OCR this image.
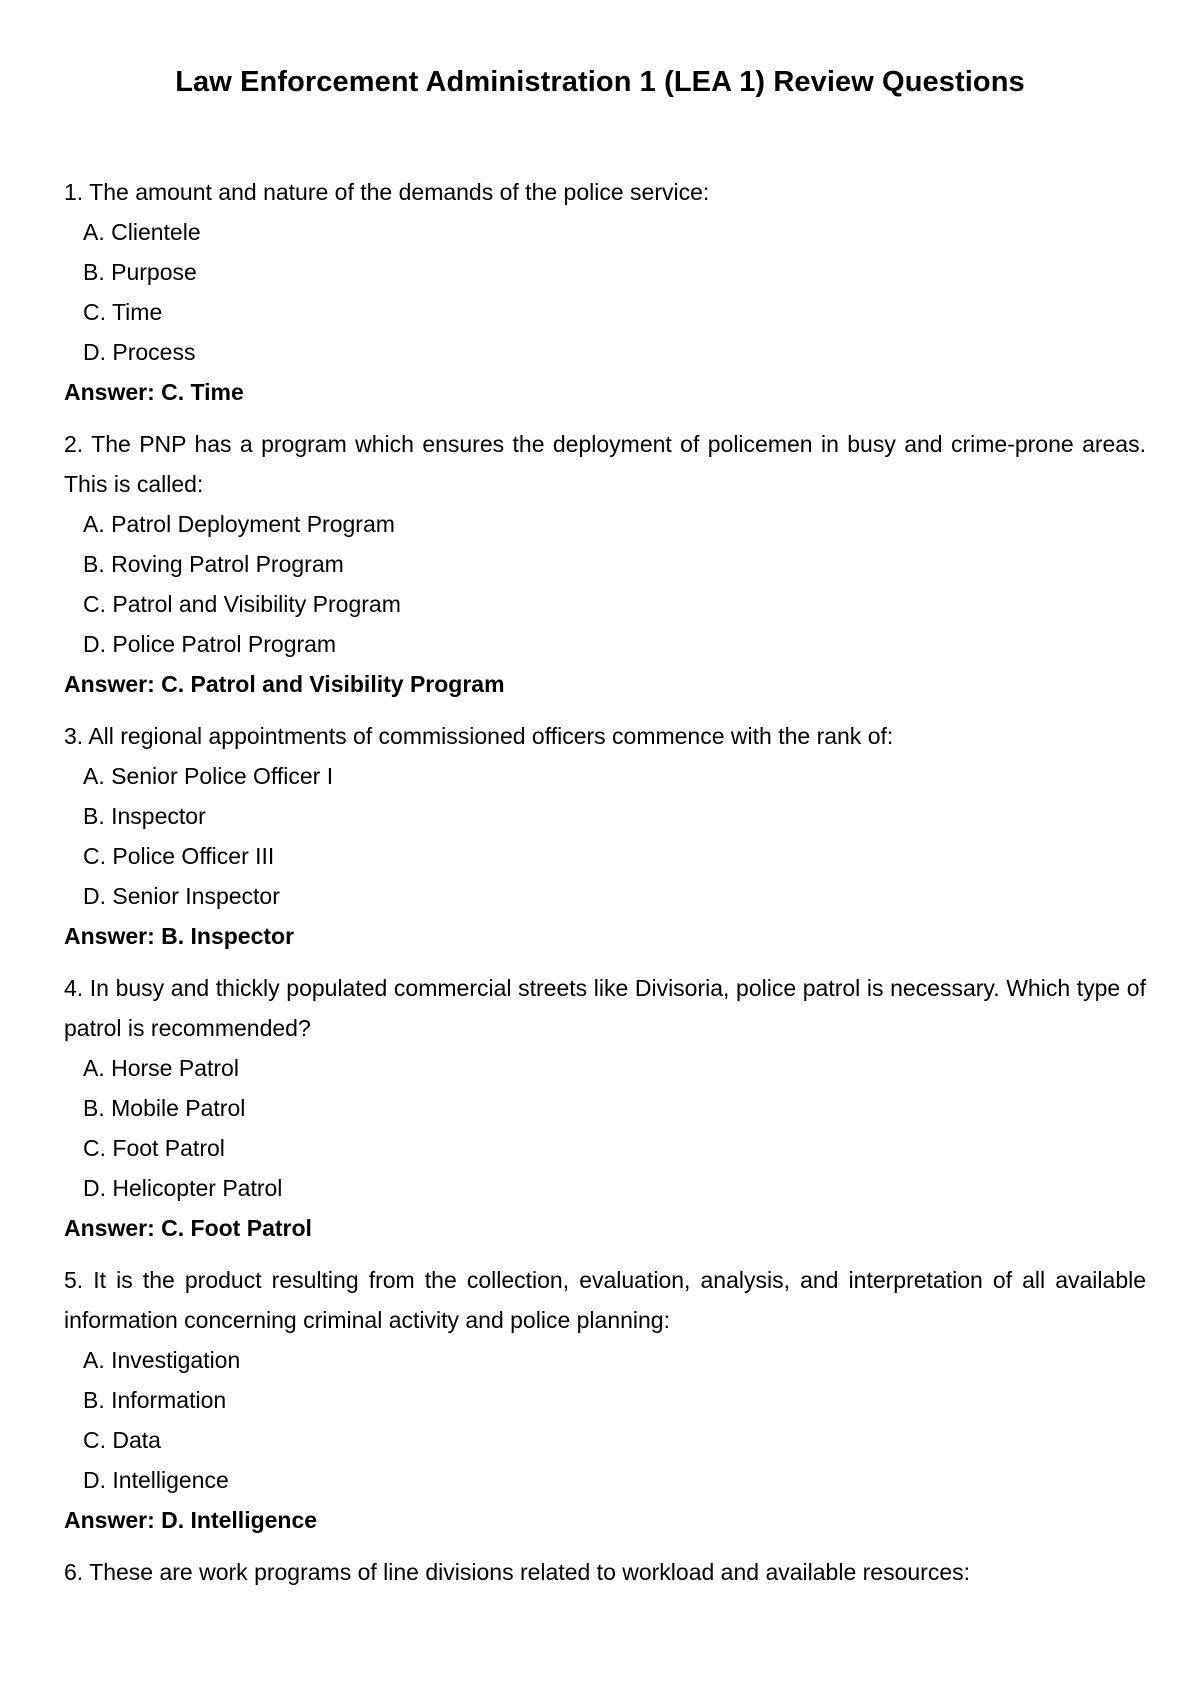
Law Enforcement Administration 1 (LEA 1) Review Questions

1. The amount and nature of the demands of the police service:

A. Clientele

B. Purpose

C. Time

D. Process

Answer: C. Time

2. The PNP has a program which ensures the deployment of policemen in busy and crime-prone areas. This is called:

A. Patrol Deployment Program

B. Roving Patrol Program

C. Patrol and Visibility Program

D. Police Patrol Program

Answer: C. Patrol and Visibility Program

3. All regional appointments of commissioned officers commence with the rank of:

A. Senior Police Officer I

B. Inspector

C. Police Officer III

D. Senior Inspector

Answer: B. Inspector

4. In busy and thickly populated commercial streets like Divisoria, police patrol is necessary. Which type of patrol is recommended?

A. Horse Patrol

B. Mobile Patrol

C. Foot Patrol

D. Helicopter Patrol

Answer: C. Foot Patrol

5. It is the product resulting from the collection, evaluation, analysis, and interpretation of all available information concerning criminal activity and police planning:

A. Investigation

B. Information

C. Data

D. Intelligence

Answer: D. Intelligence

6. These are work programs of line divisions related to workload and available resources:
